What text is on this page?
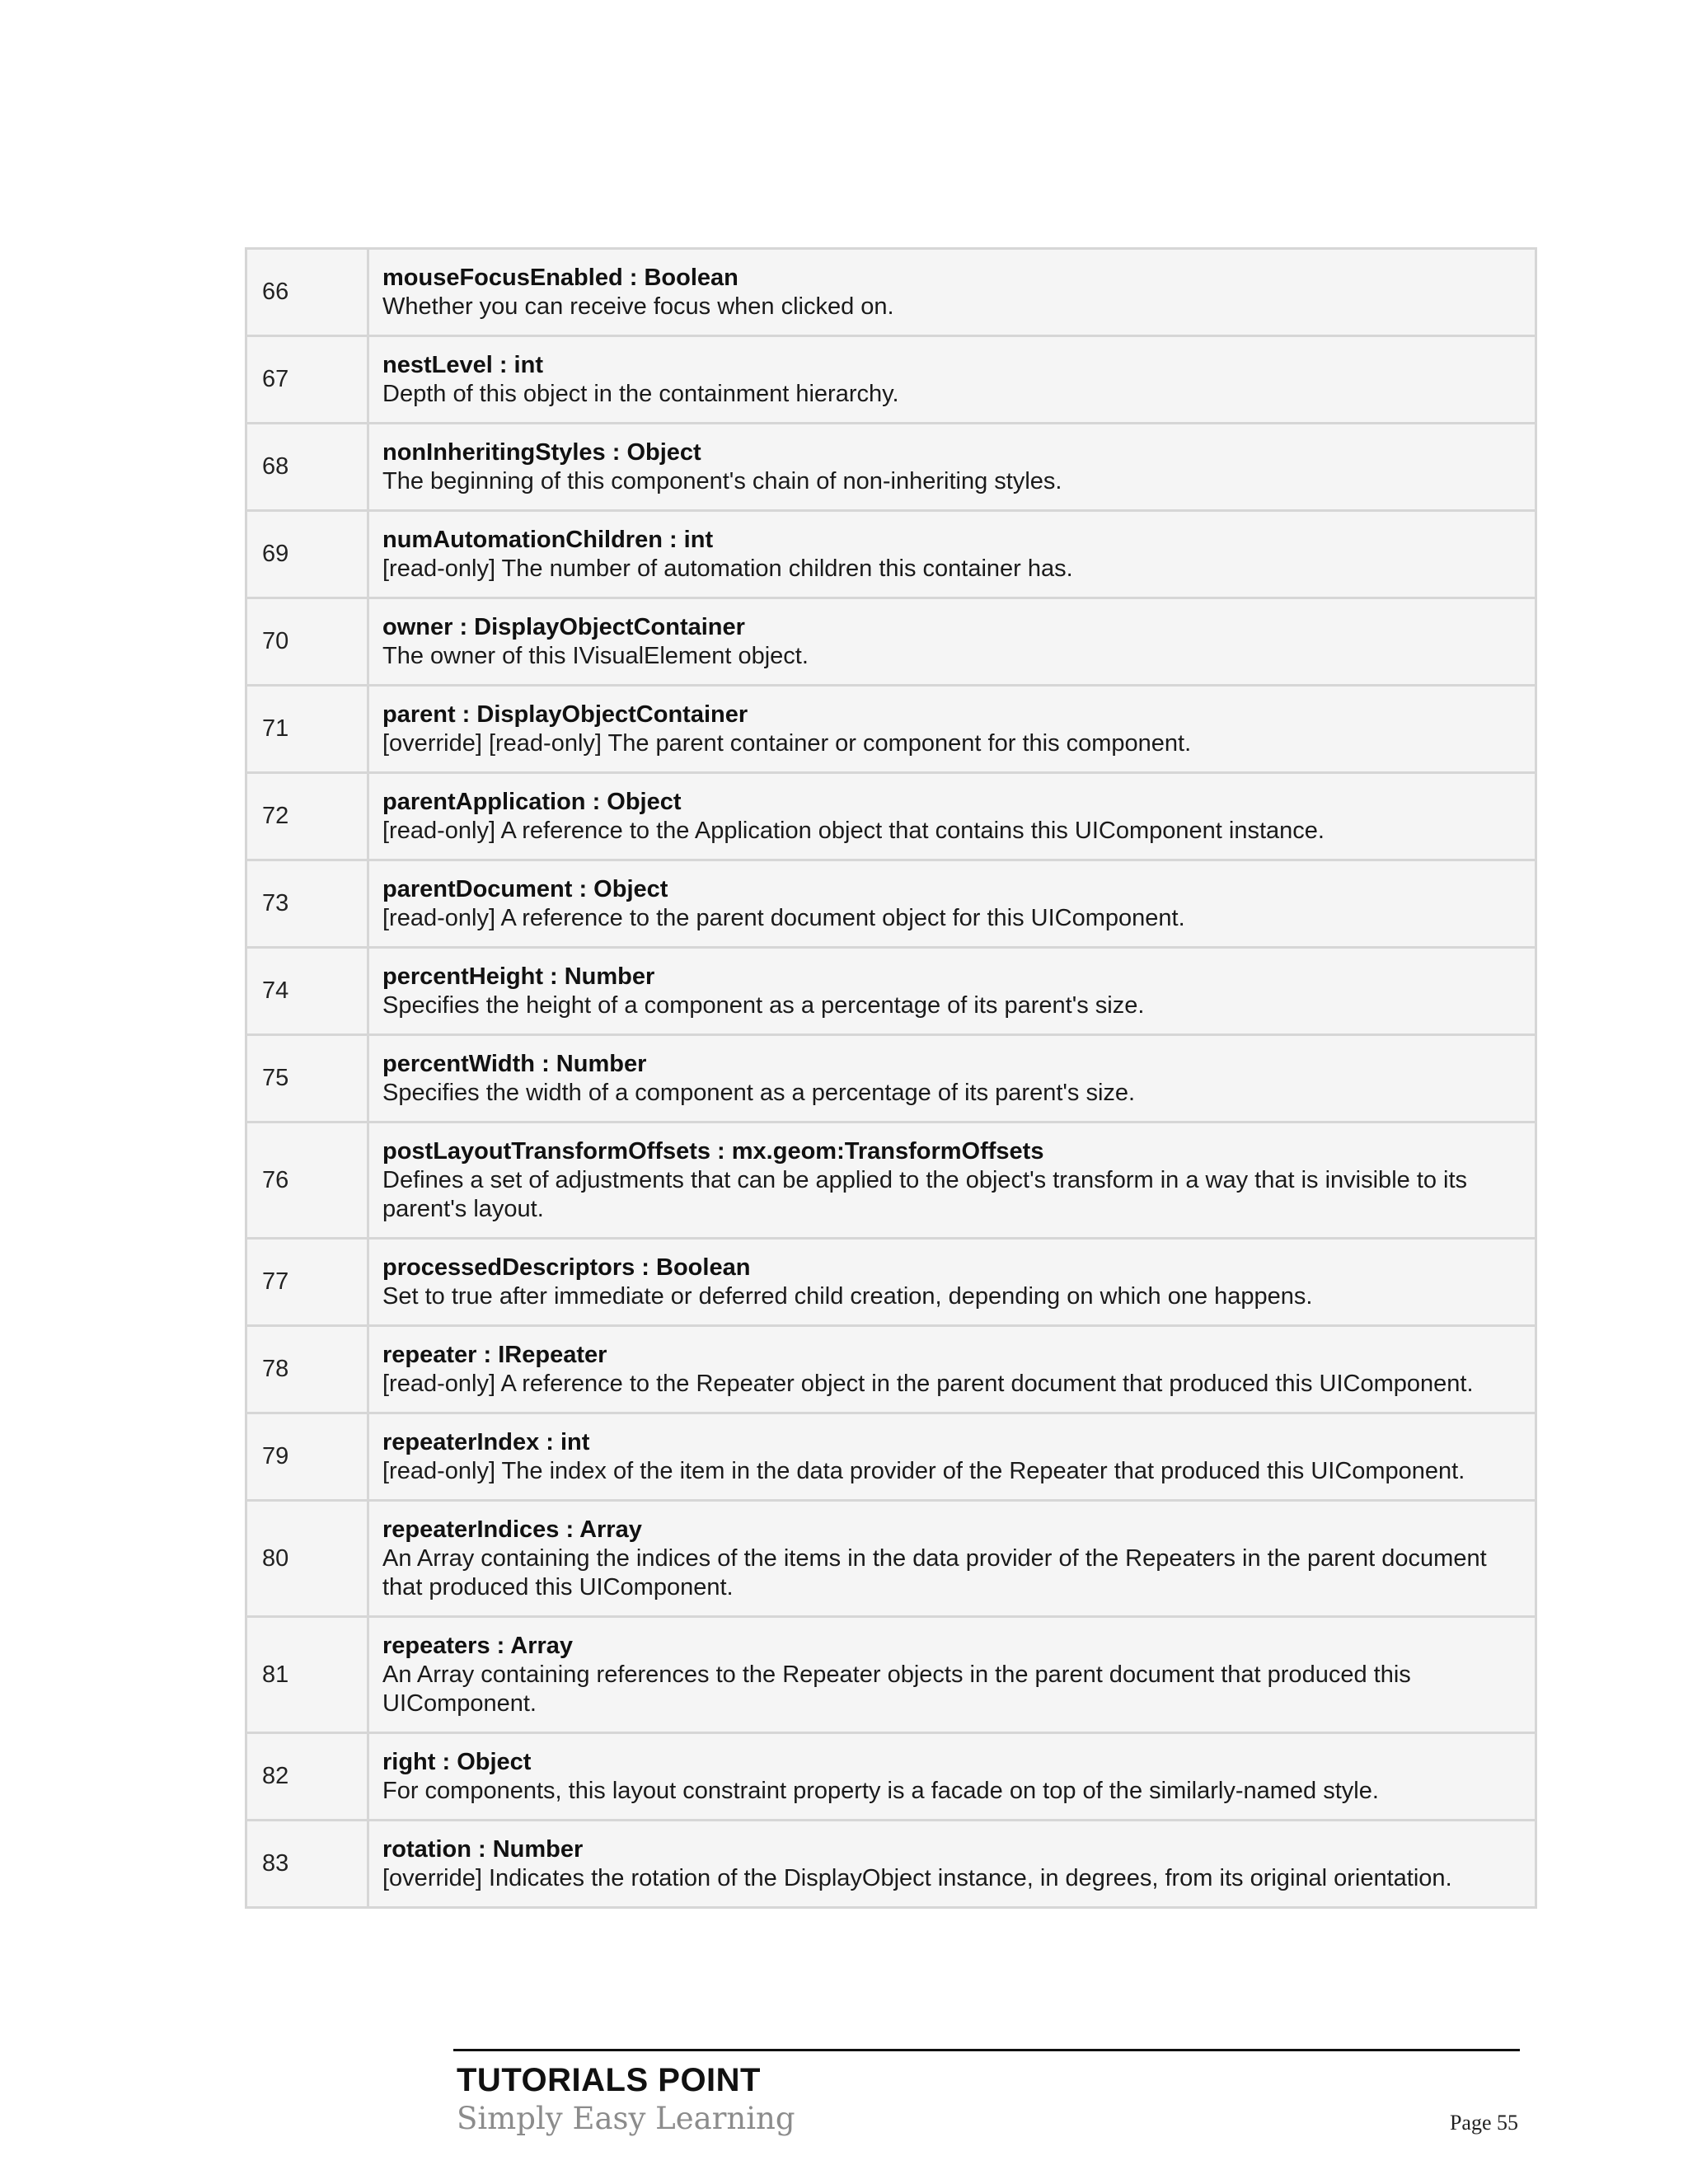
66	mouseFocusEnabled : Boolean
Whether you can receive focus when clicked on.

67	nestLevel : int
Depth of this object in the containment hierarchy.

68	nonInheritingStyles : Object
The beginning of this component's chain of non-inheriting styles.

69	numAutomationChildren : int
[read-only] The number of automation children this container has.

70	owner : DisplayObjectContainer
The owner of this IVisualElement object.

71	parent : DisplayObjectContainer
[override] [read-only] The parent container or component for this component.

72	parentApplication : Object
[read-only] A reference to the Application object that contains this UIComponent instance.

73	parentDocument : Object
[read-only] A reference to the parent document object for this UIComponent.

74	percentHeight : Number
Specifies the height of a component as a percentage of its parent's size.

75	percentWidth : Number
Specifies the width of a component as a percentage of its parent's size.

76	postLayoutTransformOffsets : mx.geom:TransformOffsets
Defines a set of adjustments that can be applied to the object's transform in a way that is invisible to its parent's layout.

77	processedDescriptors : Boolean
Set to true after immediate or deferred child creation, depending on which one happens.

78	repeater : IRepeater
[read-only] A reference to the Repeater object in the parent document that produced this UIComponent.

79	repeaterIndex : int
[read-only] The index of the item in the data provider of the Repeater that produced this UIComponent.

80	repeaterIndices : Array
An Array containing the indices of the items in the data provider of the Repeaters in the parent document that produced this UIComponent.

81	repeaters : Array
An Array containing references to the Repeater objects in the parent document that produced this UIComponent.

82	right : Object
For components, this layout constraint property is a facade on top of the similarly-named style.

83	rotation : Number
[override] Indicates the rotation of the DisplayObject instance, in degrees, from its original orientation.
TUTORIALS POINT
Simply Easy Learning	Page 55
